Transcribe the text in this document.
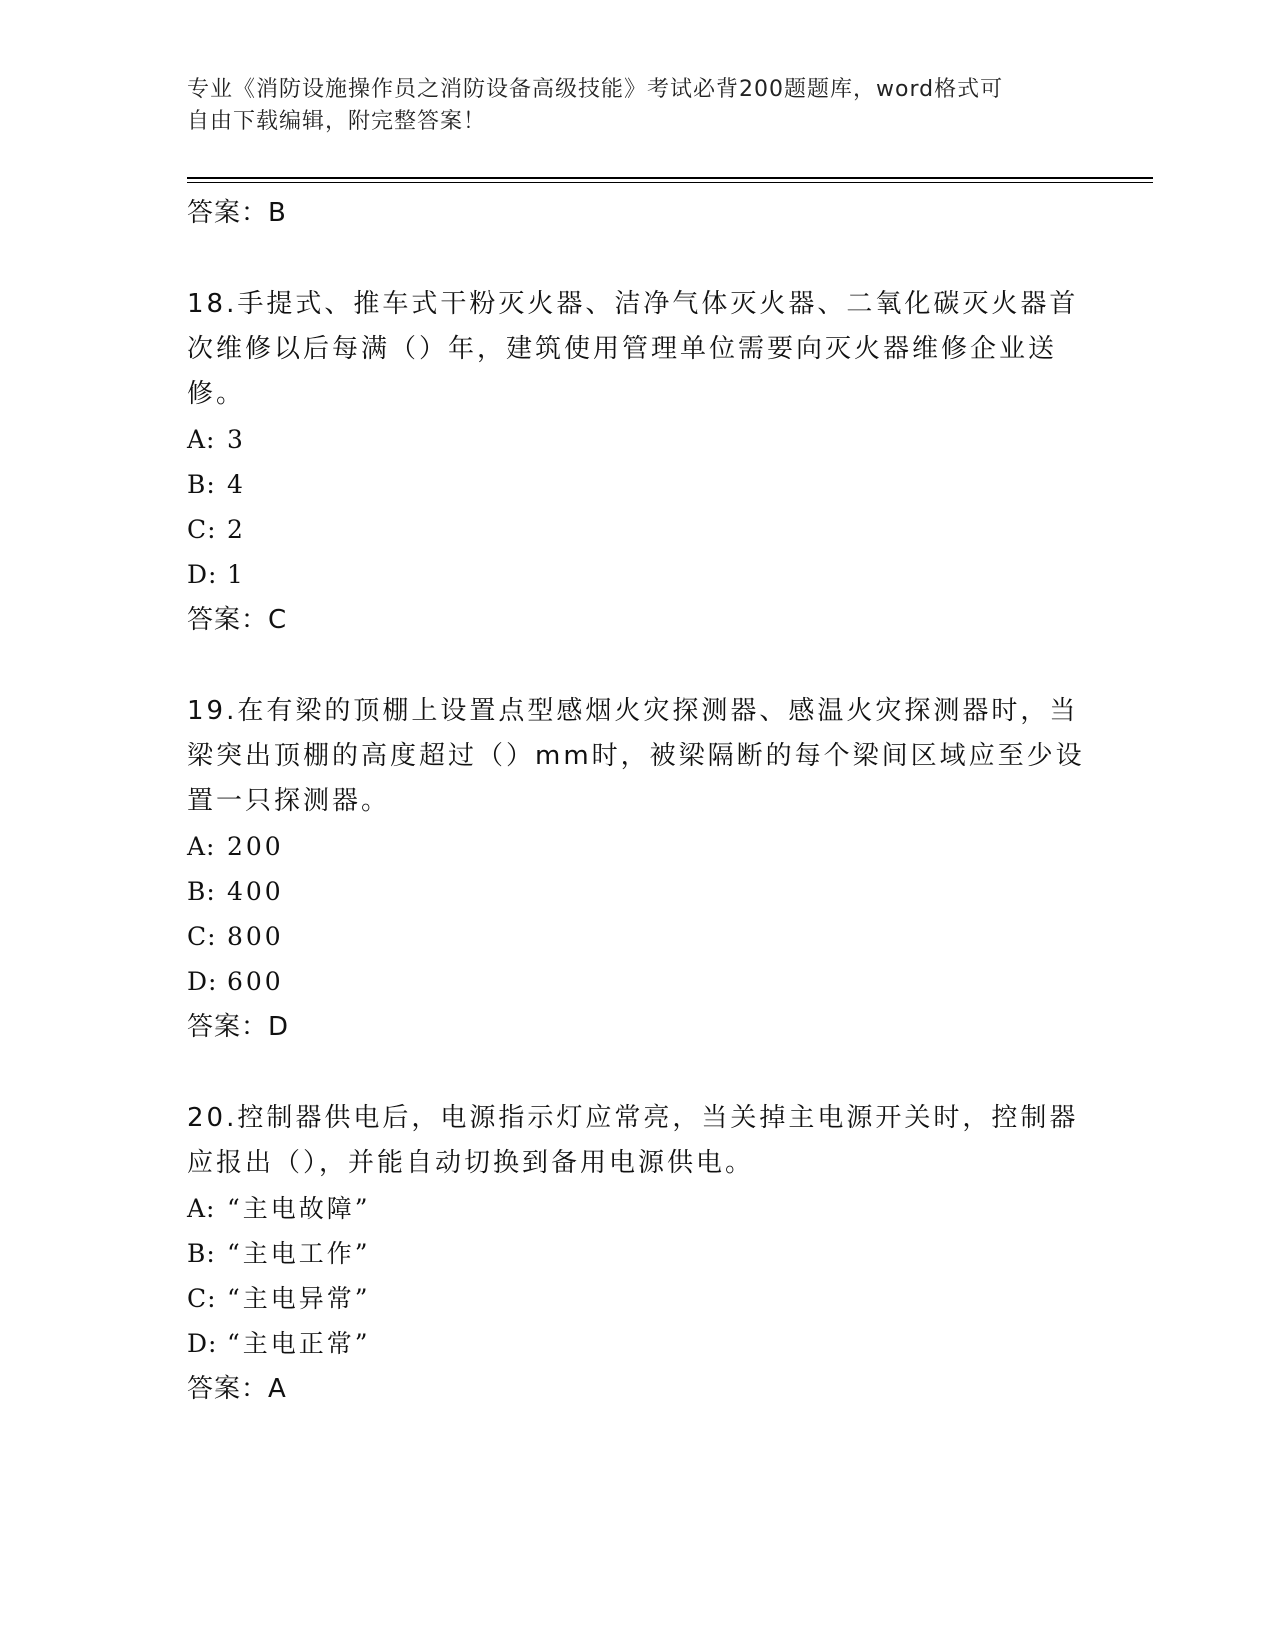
专业《消防设施操作员之消防设备高级技能》考试必背200题题库，word格式可
自由下载编辑，附完整答案！

答案：B

18.手提式、推车式干粉灭火器、洁净气体灭火器、二氧化碳灭火器首次维修以后每满（）年，建筑使用管理单位需要向灭火器维修企业送修。

A: 3
B: 4
C: 2
D: 1

答案：C

19.在有梁的顶棚上设置点型感烟火灾探测器、感温火灾探测器时，当梁突出顶棚的高度超过（）mm时，被梁隔断的每个梁间区域应至少设置一只探测器。

A: 200
B: 400
C: 800
D: 600

答案：D

20.控制器供电后，电源指示灯应常亮，当关掉主电源开关时，控制器应报出（），并能自动切换到备用电源供电。

A: “主电故障”
B: “主电工作”
C: “主电异常”
D: “主电正常”

答案：A
